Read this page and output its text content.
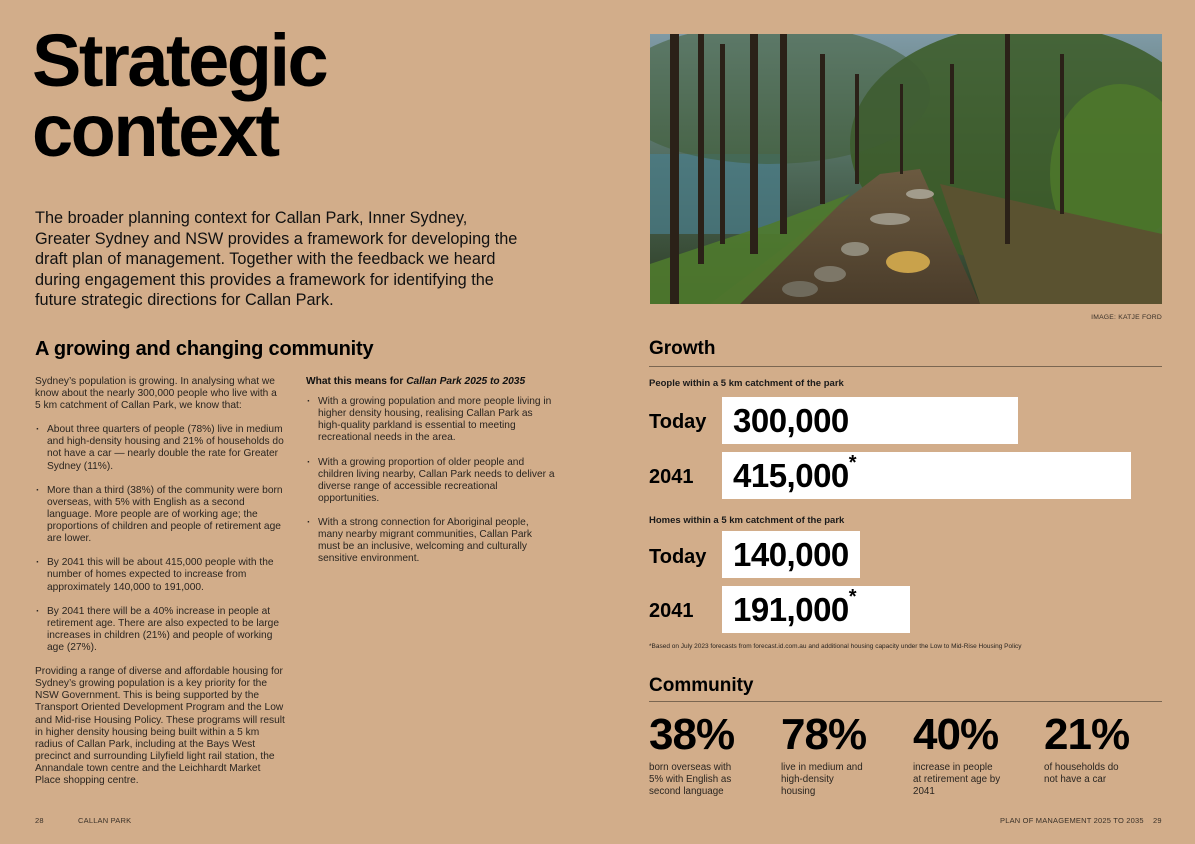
Strategic
context

The broader planning context for Callan Park, Inner Sydney, Greater Sydney and NSW provides a framework for developing the draft plan of management. Together with the feedback we heard during engagement this provides a framework for identifying the future strategic directions for Callan Park.

A growing and changing community

Sydney’s population is growing. In analysing what we know about the nearly 300,000 people who live with a 5 km catchment of Callan Park, we know that:

· About three quarters of people (78%) live in medium and high-density housing and 21% of households do not have a car — nearly double the rate for Greater Sydney (11%).
· More than a third (38%) of the community were born overseas, with 5% with English as a second language. More people are of working age; the proportions of children and people of retirement age are lower.
· By 2041 this will be about 415,000 people with the number of homes expected to increase from approximately 140,000 to 191,000.
· By 2041 there will be a 40% increase in people at retirement age. There are also expected to be large increases in children (21%) and people of working age (27%).

Providing a range of diverse and affordable housing for Sydney’s growing population is a key priority for the NSW Government. This is being supported by the Transport Oriented Development Program and the Low and Mid-rise Housing Policy. These programs will result in higher density housing being built within a 5 km radius of Callan Park, including at the Bays West precinct and surrounding Lilyfield light rail station, the Annandale town centre and the Leichhardt Market Place shopping centre.

What this means for Callan Park 2025 to 2035
· With a growing population and more people living in higher density housing, realising Callan Park as high-quality parkland is essential to meeting recreational needs in the area.
· With a growing proportion of older people and children living nearby, Callan Park needs to deliver a diverse range of accessible recreational opportunities.
· With a strong connection for Aboriginal people, many nearby migrant communities, Callan Park must be an inclusive, welcoming and culturally sensitive environment.
28	CALLAN PARK
IMAGE: KATJE FORD
Growth
People within a 5 km catchment of the park
Today 300,000
2041	415,000*
Homes within a 5 km catchment of the park
Today 140,000
2041	191,000*
*Based on July 2023 forecasts from forecast.id.com.au and additional housing capacity under the Low to Mid-Rise Housing Policy
Community
38%
born overseas with 5% with English as second language
78%
live in medium and high-density housing
40%
increase in people at retirement age by 2041
21%
of households do not have a car
PLAN OF MANAGEMENT 2025 TO 2035 29
